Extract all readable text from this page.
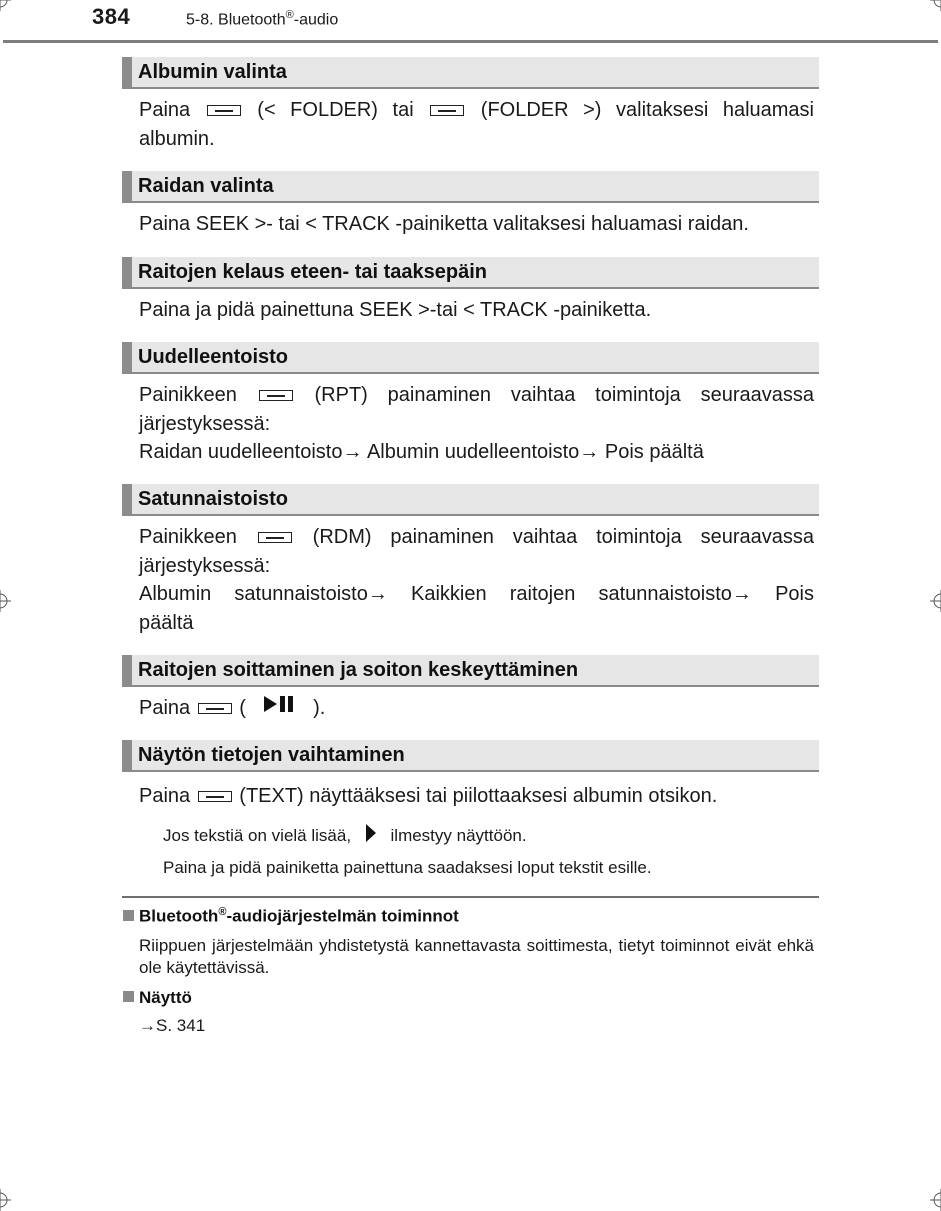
384	5-8. Bluetooth®-audio
Albumin valinta
Paina	(< FOLDER) tai	(FOLDER >) valitaksesi haluamasi
albumin.
Raidan valinta
Paina SEEK >- tai < TRACK -painiketta valitaksesi haluamasi raidan.
Raitojen kelaus eteen- tai taaksepäin
Paina ja pidä painettuna SEEK >-tai < TRACK -painiketta.
Uudelleentoisto
Painikkeen	(RPT) painaminen vaihtaa toimintoja seuraavassa
järjestyksessä:
Raidan uudelleentoisto→ Albumin uudelleentoisto→ Pois päältä
Satunnaistoisto
Painikkeen	(RDM) painaminen vaihtaa toimintoja seuraavassa
järjestyksessä:
Albumin satunnaistoisto→ Kaikkien raitojen satunnaistoisto→ Pois
päältä
Raitojen soittaminen ja soiton keskeyttäminen
Paina (	).
Näytön tietojen vaihtaminen
Paina (TEXT) näyttääksesi tai piilottaaksesi albumin otsikon.
Jos tekstiä on vielä lisää, ilmestyy näyttöön.
Paina ja pidä painiketta painettuna saadaksesi loput tekstit esille.
Bluetooth®-audiojärjestelmän toiminnot
Riippuen järjestelmään yhdistetystä kannettavasta soittimesta, tietyt toiminnot eivät ehkä ole käytettävissä.
Näyttö
→S. 341
